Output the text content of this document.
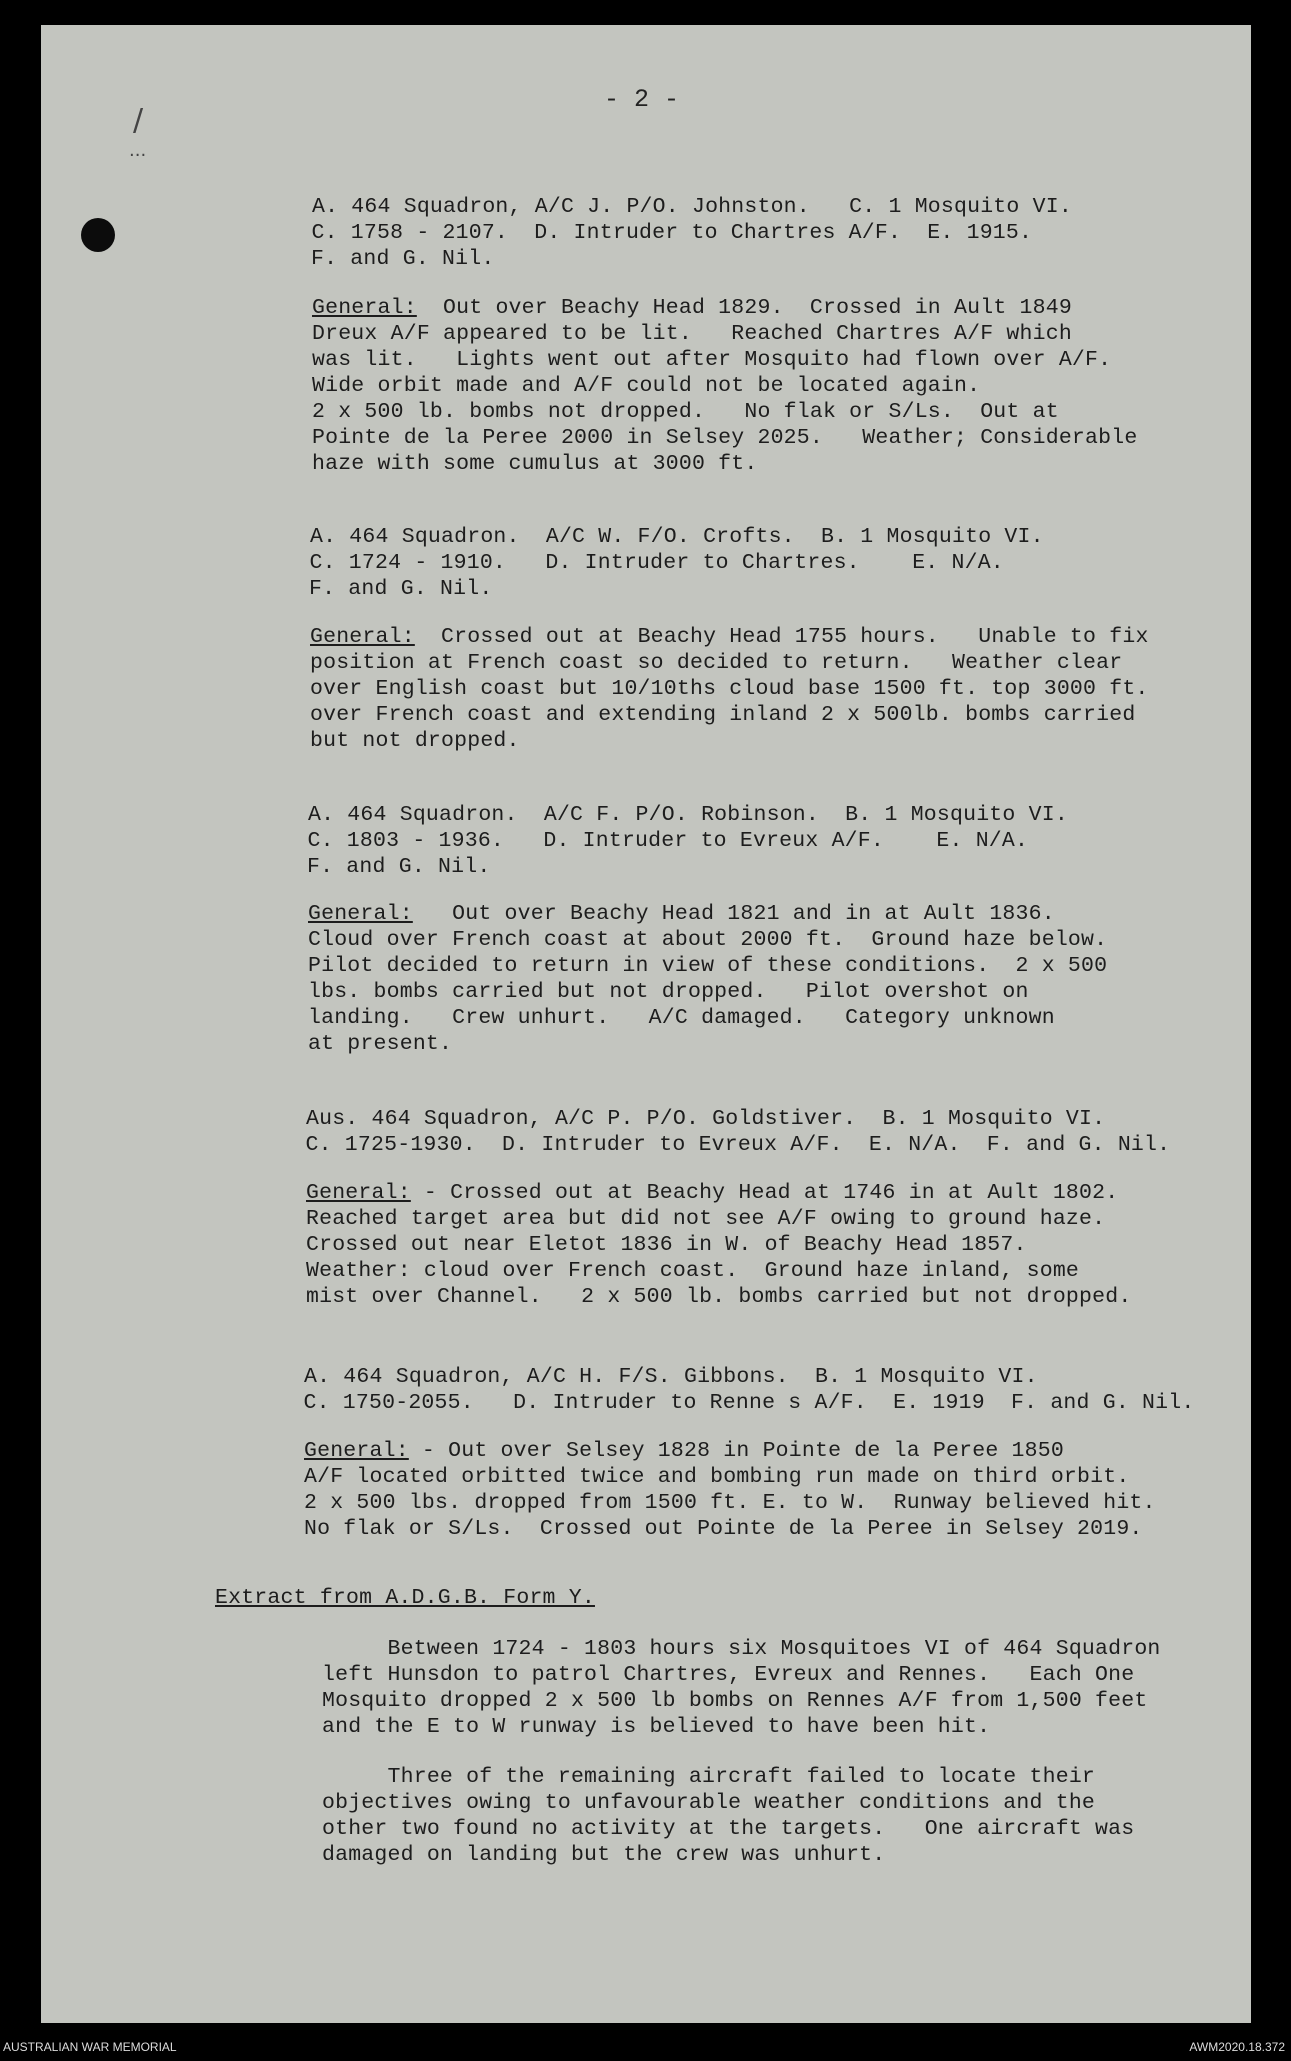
/
...
- 2 -
A. 464 Squadron, A/C J. P/O. Johnston.   C. 1 Mosquito VI.
C. 1758 - 2107.  D. Intruder to Chartres A/F.  E. 1915.
F. and G. Nil.
General:  Out over Beachy Head 1829.  Crossed in Ault 1849
Dreux A/F appeared to be lit.   Reached Chartres A/F which
was lit.   Lights went out after Mosquito had flown over A/F.
Wide orbit made and A/F could not be located again.
2 x 500 lb. bombs not dropped.   No flak or S/Ls.  Out at
Pointe de la Peree 2000 in Selsey 2025.   Weather; Considerable
haze with some cumulus at 3000 ft.
A. 464 Squadron.  A/C W. F/O. Crofts.  B. 1 Mosquito VI.
C. 1724 - 1910.   D. Intruder to Chartres.    E. N/A.
F. and G. Nil.
General:  Crossed out at Beachy Head 1755 hours.   Unable to fix
position at French coast so decided to return.   Weather clear
over English coast but 10/10ths cloud base 1500 ft. top 3000 ft.
over French coast and extending inland 2 x 500lb. bombs carried
but not dropped.
A. 464 Squadron.  A/C F. P/O. Robinson.  B. 1 Mosquito VI.
C. 1803 - 1936.   D. Intruder to Evreux A/F.    E. N/A.
F. and G. Nil.
General:   Out over Beachy Head 1821 and in at Ault 1836.
Cloud over French coast at about 2000 ft.  Ground haze below.
Pilot decided to return in view of these conditions.  2 x 500
lbs. bombs carried but not dropped.   Pilot overshot on
landing.   Crew unhurt.   A/C damaged.   Category unknown
at present.
Aus. 464 Squadron, A/C P. P/O. Goldstiver.  B. 1 Mosquito VI.
C. 1725-1930.  D. Intruder to Evreux A/F.  E. N/A.  F. and G. Nil.
General: - Crossed out at Beachy Head at 1746 in at Ault 1802.
Reached target area but did not see A/F owing to ground haze.
Crossed out near Eletot 1836 in W. of Beachy Head 1857.
Weather: cloud over French coast.  Ground haze inland, some
mist over Channel.   2 x 500 lb. bombs carried but not dropped.
A. 464 Squadron, A/C H. F/S. Gibbons.  B. 1 Mosquito VI.
C. 1750-2055.   D. Intruder to Renne s A/F.  E. 1919  F. and G. Nil.
General: - Out over Selsey 1828 in Pointe de la Peree 1850
A/F located orbitted twice and bombing run made on third orbit.
2 x 500 lbs. dropped from 1500 ft. E. to W.  Runway believed hit.
No flak or S/Ls.  Crossed out Pointe de la Peree in Selsey 2019.
Extract from A.D.G.B. Form Y.
Between 1724 - 1803 hours six Mosquitoes VI of 464 Squadron
left Hunsdon to patrol Chartres, Evreux and Rennes.   Each One
Mosquito dropped 2 x 500 lb bombs on Rennes A/F from 1,500 feet
and the E to W runway is believed to have been hit.
Three of the remaining aircraft failed to locate their
objectives owing to unfavourable weather conditions and the
other two found no activity at the targets.   One aircraft was
damaged on landing but the crew was unhurt.
AUSTRALIAN WAR MEMORIAL	AWM2020.18.372
